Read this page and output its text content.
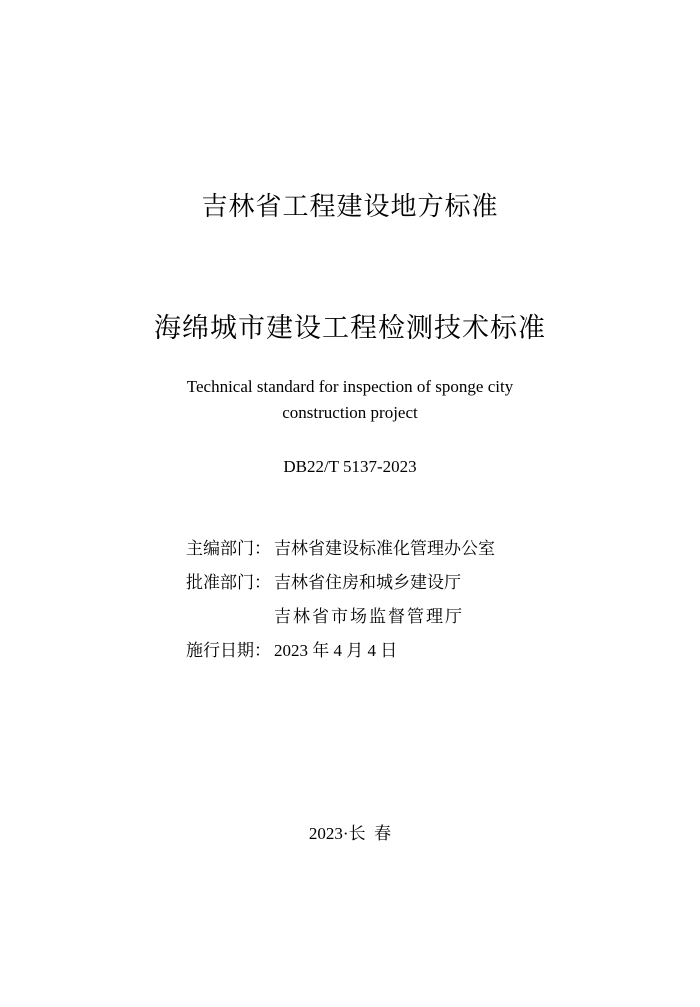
吉林省工程建设地方标准
海绵城市建设工程检测技术标准
Technical standard for inspection of sponge city
construction project
DB22/T 5137-2023
主编部门： 吉林省建设标准化管理办公室
批准部门： 吉林省住房和城乡建设厅
吉林省市场监督管理厅
施行日期： 2023 年 4 月 4 日
2023·长  春
